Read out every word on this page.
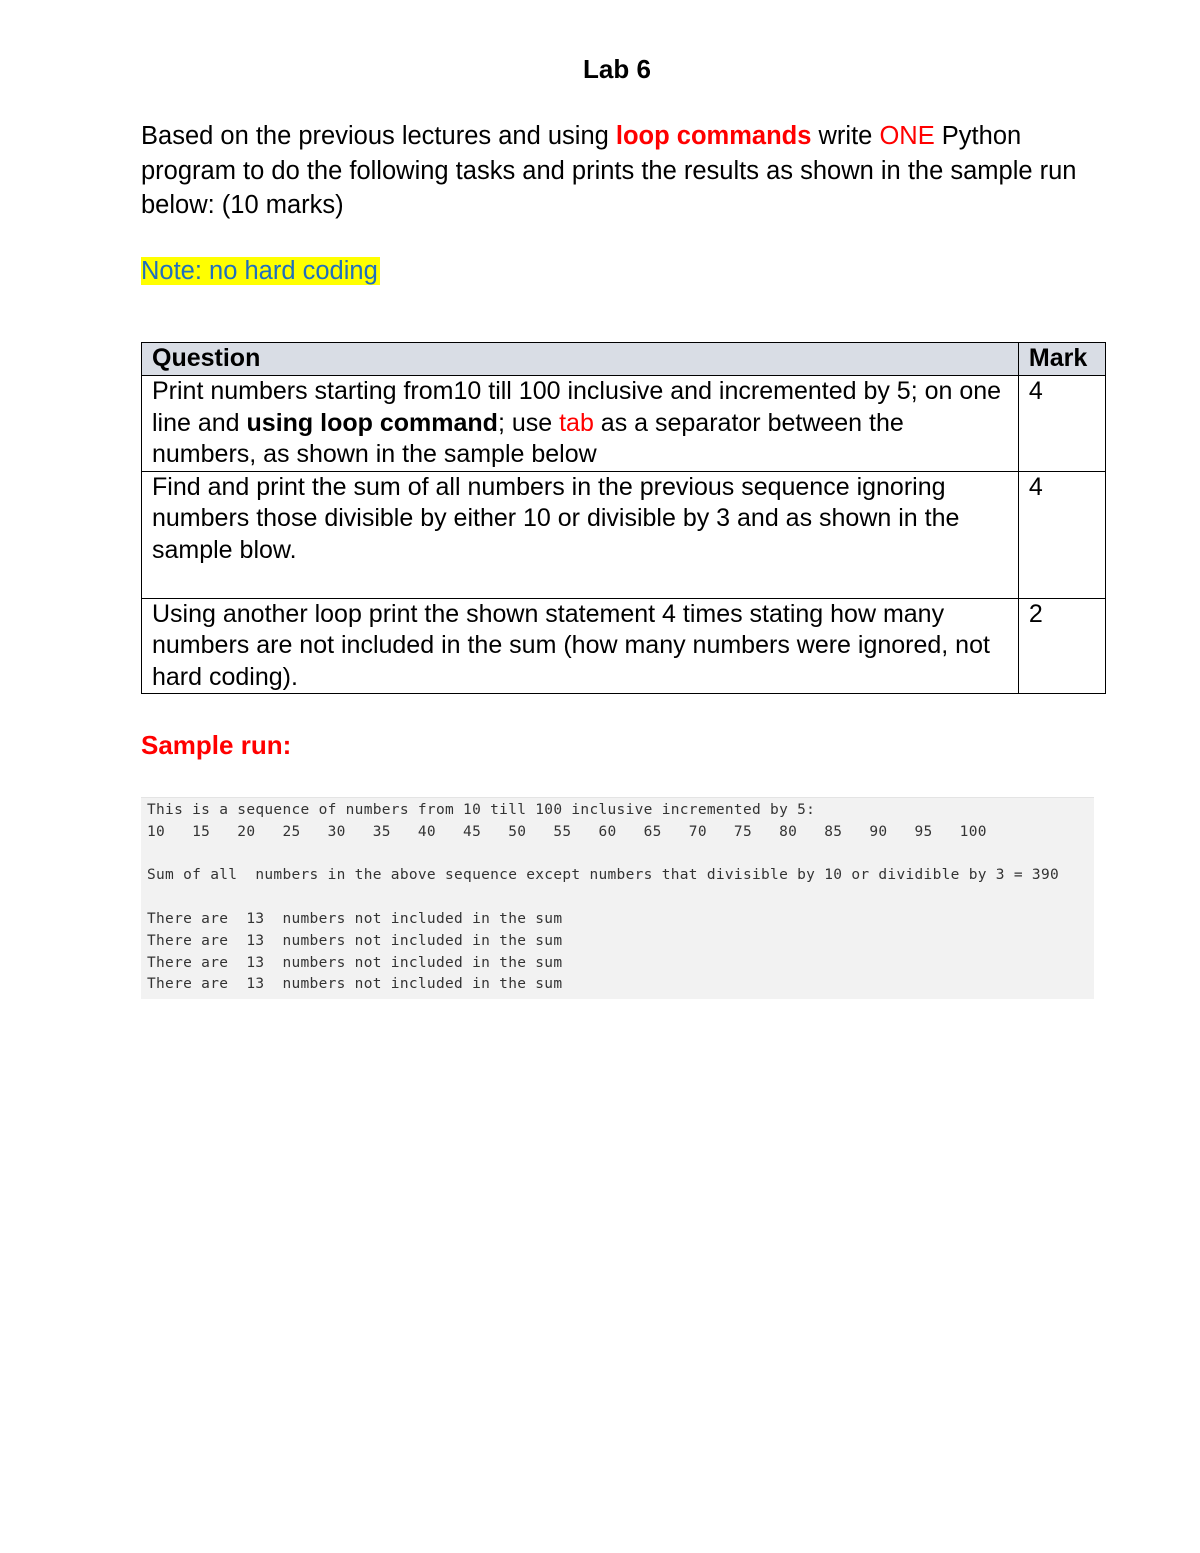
Lab 6
Based on the previous lectures and using loop commands write ONE Python program to do the following tasks and prints the results as shown in the sample run below: (10 marks)
Note: no hard coding
Question	Mark
Print numbers starting from10 till 100 inclusive and incremented by 5; on one line and using loop command; use tab as a separator between the numbers, as shown in the sample below	4
Find and print the sum of all numbers in the previous sequence ignoring numbers those divisible by either 10 or divisible by 3 and as shown in the sample blow.	4
Using another loop print the shown statement 4 times stating how many numbers are not included in the sum (how many numbers were ignored, not hard coding).	2
Sample run:
This is a sequence of numbers from 10 till 100 inclusive incremented by 5:
10   15   20   25   30   35   40   45   50   55   60   65   70   75   80   85   90   95   100
Sum of all  numbers in the above sequence except numbers that divisible by 10 or dividible by 3 = 390
There are  13  numbers not included in the sum
There are  13  numbers not included in the sum
There are  13  numbers not included in the sum
There are  13  numbers not included in the sum
